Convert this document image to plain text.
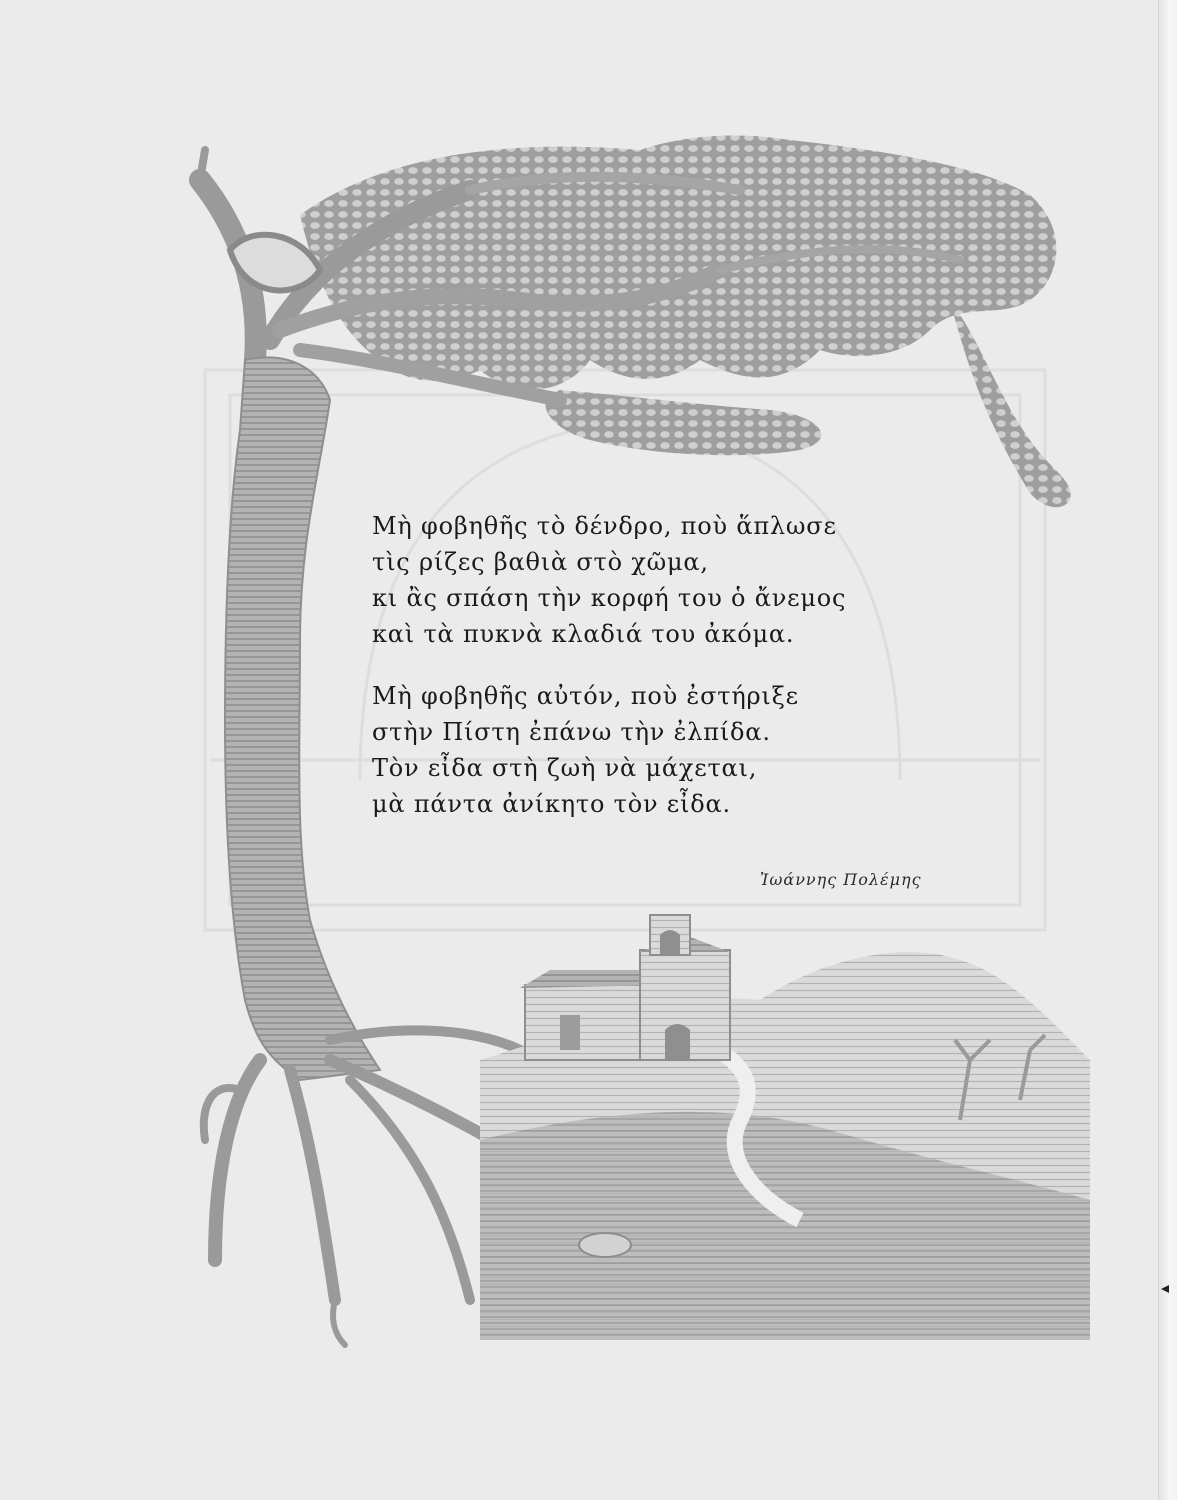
Μὴ φοβηθῆς τὸ δένδρο, ποὺ ἅπλωσε
τὶς ρίζες βαθιὰ στὸ χῶμα,
κι ἂς σπάση τὴν κορφή του ὁ ἄνεμος
καὶ τὰ πυκνὰ κλαδιά του ἀκόμα.
Μὴ φοβηθῆς αὐτόν, ποὺ ἐστήριξε
στὴν Πίστη ἐπάνω τὴν ἐλπίδα.
Τὸν εἶδα στὴ ζωὴ νὰ μάχεται,
μὰ πάντα ἀνίκητο τὸν εἶδα.
Ἰωάννης Πολέμης
